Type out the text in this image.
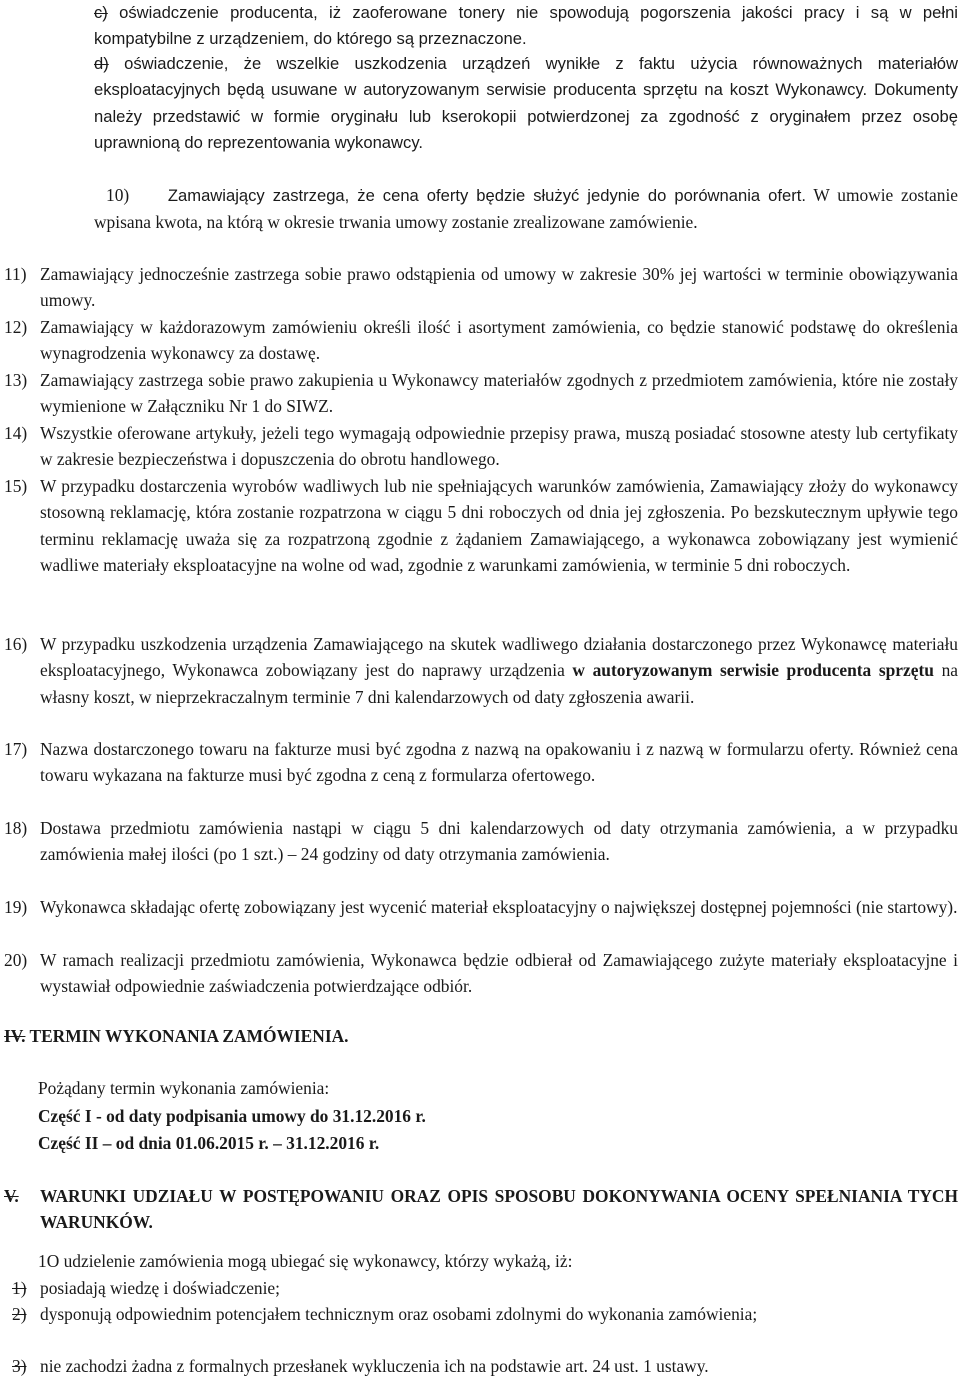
c) oświadczenie producenta, iż zaoferowane tonery nie spowodują pogorszenia jakości pracy i są w pełni kompatybilne z urządzeniem, do którego są przeznaczone.
d) oświadczenie, że wszelkie uszkodzenia urządzeń wynikłe z faktu użycia równoważnych materiałów eksploatacyjnych będą usuwane w autoryzowanym serwisie producenta sprzętu na koszt Wykonawcy. Dokumenty należy przedstawić w formie oryginału lub kserokopii potwierdzonej za zgodność z oryginałem przez osobę uprawnioną do reprezentowania wykonawcy.
10) Zamawiający zastrzega, że cena oferty będzie służyć jedynie do porównania ofert. W umowie zostanie wpisana kwota, na którą w okresie trwania umowy zostanie zrealizowane zamówienie.
11) Zamawiający jednocześnie zastrzega sobie prawo odstąpienia od umowy w zakresie 30% jej wartości w terminie obowiązywania umowy.
12) Zamawiający w każdorazowym zamówieniu określi ilość i asortyment zamówienia, co będzie stanowić podstawę do określenia wynagrodzenia wykonawcy za dostawę.
13) Zamawiający zastrzega sobie prawo zakupienia u Wykonawcy materiałów zgodnych z przedmiotem zamówienia, które nie zostały wymienione w Załączniku Nr 1 do SIWZ.
14) Wszystkie oferowane artykuły, jeżeli tego wymagają odpowiednie przepisy prawa, muszą posiadać stosowne atesty lub certyfikaty w zakresie bezpieczeństwa i dopuszczenia do obrotu handlowego.
15) W przypadku dostarczenia wyrobów wadliwych lub nie spełniających warunków zamówienia, Zamawiający złoży do wykonawcy stosowną reklamację, która zostanie rozpatrzona w ciągu 5 dni roboczych od dnia jej zgłoszenia. Po bezskutecznym upływie tego terminu reklamację uważa się za rozpatrzoną zgodnie z żądaniem Zamawiającego, a wykonawca zobowiązany jest wymienić wadliwe materiały eksploatacyjne na wolne od wad, zgodnie z warunkami zamówienia, w terminie 5 dni roboczych.
16) W przypadku uszkodzenia urządzenia Zamawiającego na skutek wadliwego działania dostarczonego przez Wykonawcę materiału eksploatacyjnego, Wykonawca zobowiązany jest do naprawy urządzenia w autoryzowanym serwisie producenta sprzętu na własny koszt, w nieprzekraczalnym terminie 7 dni kalendarzowych od daty zgłoszenia awarii.
17) Nazwa dostarczonego towaru na fakturze musi być zgodna z nazwą na opakowaniu i z nazwą w formularzu oferty. Również cena towaru wykazana na fakturze musi być zgodna z ceną z formularza ofertowego.
18) Dostawa przedmiotu zamówienia nastąpi w ciągu 5 dni kalendarzowych od daty otrzymania zamówienia, a w przypadku zamówienia małej ilości (po 1 szt.) – 24 godziny od daty otrzymania zamówienia.
19) Wykonawca składając ofertę zobowiązany jest wycenić materiał eksploatacyjny o największej dostępnej pojemności (nie startowy).
20) W ramach realizacji przedmiotu zamówienia, Wykonawca będzie odbierał od Zamawiającego zużyte materiały eksploatacyjne i wystawiał odpowiednie zaświadczenia potwierdzające odbiór.
IV. TERMIN WYKONANIA ZAMÓWIENIA.
Pożądany termin wykonania zamówienia:
Część I - od daty podpisania umowy do 31.12.2016 r.
Część II – od dnia 01.06.2015 r. – 31.12.2016 r.
V. WARUNKI UDZIAŁU W POSTĘPOWANIU ORAZ OPIS SPOSOBU DOKONYWANIA OCENY SPEŁNIANIA TYCH WARUNKÓW.
1O udzielenie zamówienia mogą ubiegać się wykonawcy, którzy wykażą, iż:
1) posiadają wiedzę i doświadczenie;
2) dysponują odpowiednim potencjałem technicznym oraz osobami zdolnymi do wykonania zamówienia;
3) nie zachodzi żadna z formalnych przesłanek wykluczenia ich na podstawie art. 24 ust. 1 ustawy.
